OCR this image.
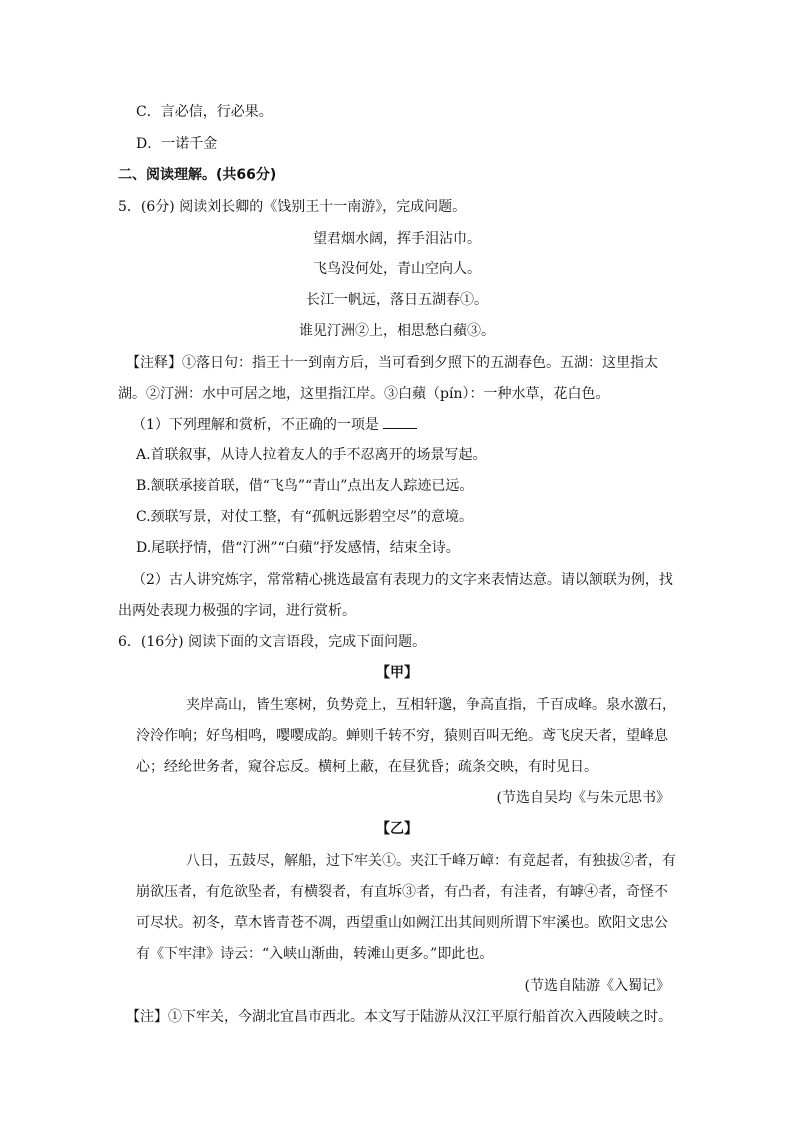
C．言必信，行必果。
D．一诺千金
二、阅读理解。(共66分)
5．(6分) 阅读刘长卿的《饯别王十一南游》，完成问题。
望君烟水阔，挥手泪沾巾。
飞鸟没何处，青山空向人。
长江一帆远，落日五湖春①。
谁见汀洲②上，相思愁白蘋③。
【注释】①落日句：指王十一到南方后，当可看到夕照下的五湖春色。五湖：这里指太
湖。②汀洲：水中可居之地，这里指江岸。③白蘋（pín）：一种水草，花白色。
（1）下列理解和赏析，不正确的一项是
A.首联叙事，从诗人拉着友人的手不忍离开的场景写起。
B.颔联承接首联，借“飞鸟”“青山”点出友人踪迹已远。
C.颈联写景，对仗工整，有“孤帆远影碧空尽”的意境。
D.尾联抒情，借“汀洲”“白蘋”抒发感情，结束全诗。
（2）古人讲究炼字，常常精心挑选最富有表现力的文字来表情达意。请以颔联为例，找
出两处表现力极强的字词，进行赏析。
6．(16分) 阅读下面的文言语段，完成下面问题。
【甲】
夹岸高山，皆生寒树，负势竞上，互相轩邈，争高直指，千百成峰。泉水激石，
泠泠作响；好鸟相鸣，嘤嘤成韵。蝉则千转不穷，猿则百叫无绝。鸢飞戾天者，望峰息
心；经纶世务者，窥谷忘反。横柯上蔽，在昼犹昏；疏条交映，有时见日。
(节选自吴均《与朱元思书》
【乙】
八日，五鼓尽，解船，过下牢关①。夹江千峰万嶂：有竞起者，有独拔②者，有
崩欲压者，有危欲坠者，有横裂者，有直坼③者，有凸者，有洼者，有罅④者，奇怪不
可尽状。初冬，草木皆青苍不凋，西望重山如阙江出其间则所谓下牢溪也。欧阳文忠公
有《下牢津》诗云：“入峡山渐曲，转滩山更多。”即此也。
(节选自陆游《入蜀记》
【注】①下牢关，今湖北宜昌市西北。本文写于陆游从汉江平原行船首次入西陵峡之时。
